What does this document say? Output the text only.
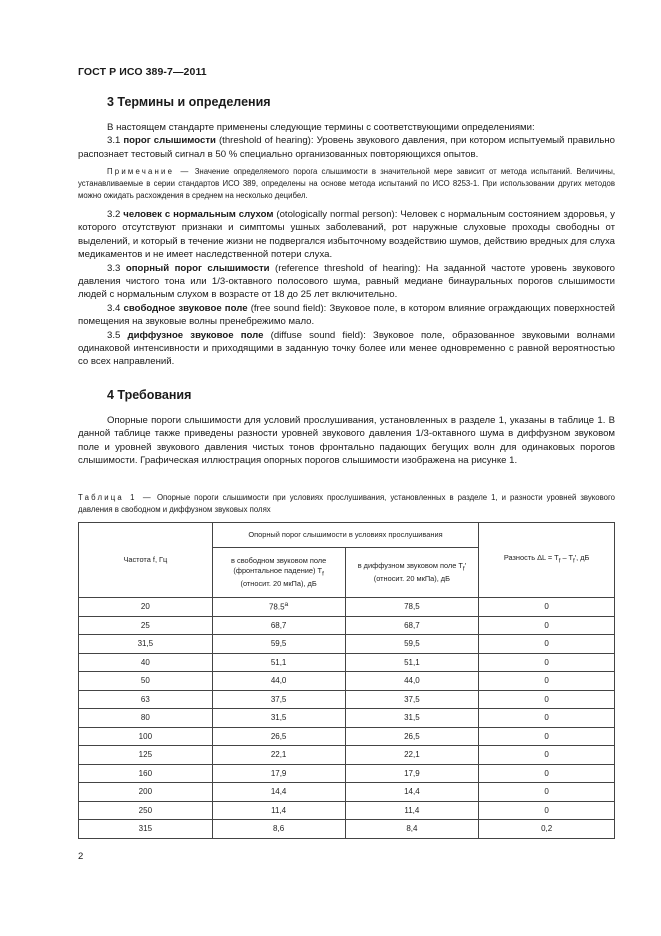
ГОСТ Р ИСО 389-7—2011
3 Термины и определения

В настоящем стандарте применены следующие термины с соответствующими определениями:

3.1 порог слышимости (threshold of hearing): Уровень звукового давления, при котором испытуемый правильно распознает тестовый сигнал в 50 % специально организованных повторяющихся опытов.

Примечание — Значение определяемого порога слышимости в значительной мере зависит от метода испытаний. Величины, устанавливаемые в серии стандартов ИСО 389, определены на основе метода испытаний по ИСО 8253-1. При использовании других методов можно ожидать расхождения в среднем на несколько децибел.

3.2 человек с нормальным слухом (otologically normal person): Человек с нормальным состоянием здоровья, у которого отсутствуют признаки и симптомы ушных заболеваний, рот наружные слуховые проходы свободны от выделений, и который в течение жизни не подвергался избыточному воздействию шумов, действию вредных для слуха медикаментов и не имеет наследственной потери слуха.

3.3 опорный порог слышимости (reference threshold of hearing): На заданной частоте уровень звукового давления чистого тона или 1/3-октавного полосового шума, равный медиане бинауральных порогов слышимости людей с нормальным слухом в возрасте от 18 до 25 лет включительно.

3.4 свободное звуковое поле (free sound field): Звуковое поле, в котором влияние ограждающих поверхностей помещения на звуковые волны пренебрежимо мало.

3.5 диффузное звуковое поле (diffuse sound field): Звуковое поле, образованное звуковыми волнами одинаковой интенсивности и приходящими в заданную точку более или менее одновременно с равной вероятностью со всех направлений.

4 Требования

Опорные пороги слышимости для условий прослушивания, установленных в разделе 1, указаны в таблице 1. В данной таблице также приведены разности уровней звукового давления 1/3-октавного шума в диффузном звуковом поле и уровней звукового давления чистых тонов фронтально падающих бегущих волн для одинаковых порогов слышимости. Графическая иллюстрация опорных порогов слышимости изображена на рисунке 1.

Таблица 1 — Опорные пороги слышимости при условиях прослушивания, установленных в разделе 1, и разности уровней звукового давления в свободном и диффузном звуковых полях
Частота f, Гц	Опорный порог слышимости в условиях прослушивания		Разность $\Delta L = T_f - T_f'$, дБ
	в свободном звуковом поле (фронтальное падение) $T_f$
(относит. 20 мкПа), дБ	в диффузном звуковом поле $T_f'$ (относит. 20 мкПа), дБ	
20	78.5$^a$	78,5	0
25	68,7	68,7	0
31,5	59,5	59,5	0
40	51,1	51,1	0
50	44,0	44,0	0
63	37,5	37,5	0
80	31,5	31,5	0
100	26,5	26,5	0
125	22,1	22,1	0
160	17,9	17,9	0
200	14,4	14,4	0
250	11,4	11,4	0
315	8,6	8,4	0,2
2
